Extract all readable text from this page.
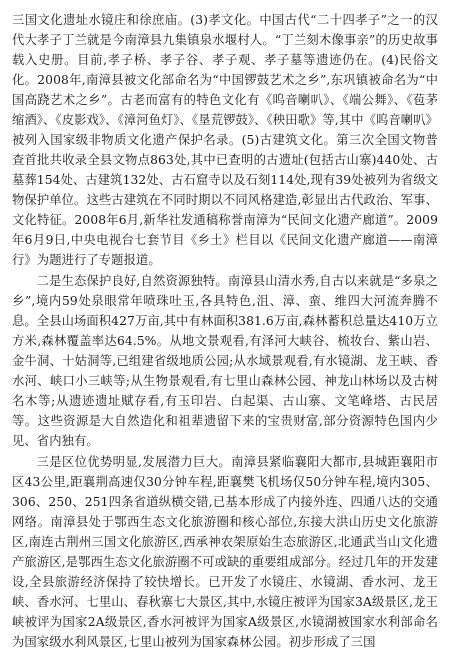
三国文化遗址水镜庄和徐庶庙。(3)孝文化。中国古代“二十四孝子”之一的汉代大孝子丁兰就是今南漳县九集镇泉水堰村人。“丁兰刻木像事亲”的历史故事载入史册。目前,孝子桥、孝子谷、孝子观、孝子墓等遗迹仍在。(4)民俗文化。2008年,南漳县被文化部命名为“中国锣鼓艺术之乡”,东巩镇被命名为“中国高跷艺术之乡”。古老而富有的特色文化有《呜音喇叭》、《端公舞》、《苞茅缩酒》、《皮影戏》、《漳河鱼灯》、《垦荒锣鼓》、《秧田歌》等,其中《呜音喇叭》被列入国家级非物质文化遗产保护名录。(5)古建筑文化。第三次全国文物普查首批共收录全县文物点863处,其中已查明的古遗址(包括古山寨)440处、古墓葬154处、古建筑132处、古石窟寺以及石刻114处,现有39处被列为省级文物保护单位。这些古建筑在不同时期以不同风格建造,彰显出古代政治、军事、文化特征。2008年6月,新华社发通稿称誉南漳为“民间文化遗产廊道”。2009年6月9日,中央电视台七套节目《乡土》栏目以《民间文化遗产廊道——南漳行》为题进行了专题报道。

二是生态保护良好,自然资源独特。南漳县山清水秀,自古以来就是“多泉之乡”,境内59处泉眼常年喷珠吐玉,各具特色,沮、漳、蛮、维四大河流奔腾不息。全县山场面积427万亩,其中有林面积381.6万亩,森林蓄积总量达410万立方米,森林覆盖率达64.5%。从地文景观看,有泽河大峡谷、梳妆台、紫山岩、金牛洞、十姑洞等,已组建省级地质公园;从水域景观看,有水镜湖、龙王峡、香水河、峡口小三峡等;从生物景观看,有七里山森林公园、神龙山林场以及古树名木等;从遗迹遗址赋存看,有玉印岩、白起渠、古山寨、文笔峰塔、古民居等。这些资源是大自然造化和祖辈遗留下来的宝贵财富,部分资源特色国内少见、省内独有。

三是区位优势明显,发展潜力巨大。南漳县紧临襄阳大都市,县城距襄阳市区43公里,距襄荆高速仅30分钟车程,距襄樊飞机场仅50分钟车程,境内305、306、250、251四条省道纵横交错,已基本形成了内接外连、四通八达的交通网络。南漳县处于鄂西生态文化旅游圈和核心部位,东接大洪山历史文化旅游区,南连古荆州三国文化旅游区,西承神农架原始生态旅游区,北通武当山文化遗产旅游区,是鄂西生态文化旅游圈不可或缺的重要组成部分。经过几年的开发建设,全县旅游经济保持了较快增长。已开发了水镜庄、水镜湖、香水河、龙王峡、香水河、七里山、春秋寨七大景区,其中,水镜庄被评为国家3A级景区,龙王峡被评为国家2A级景区,香水河被评为国家A级景区,水镜湖被国家水利部命名为国家级水利风景区,七里山被列为国家森林公园。初步形成了三国
